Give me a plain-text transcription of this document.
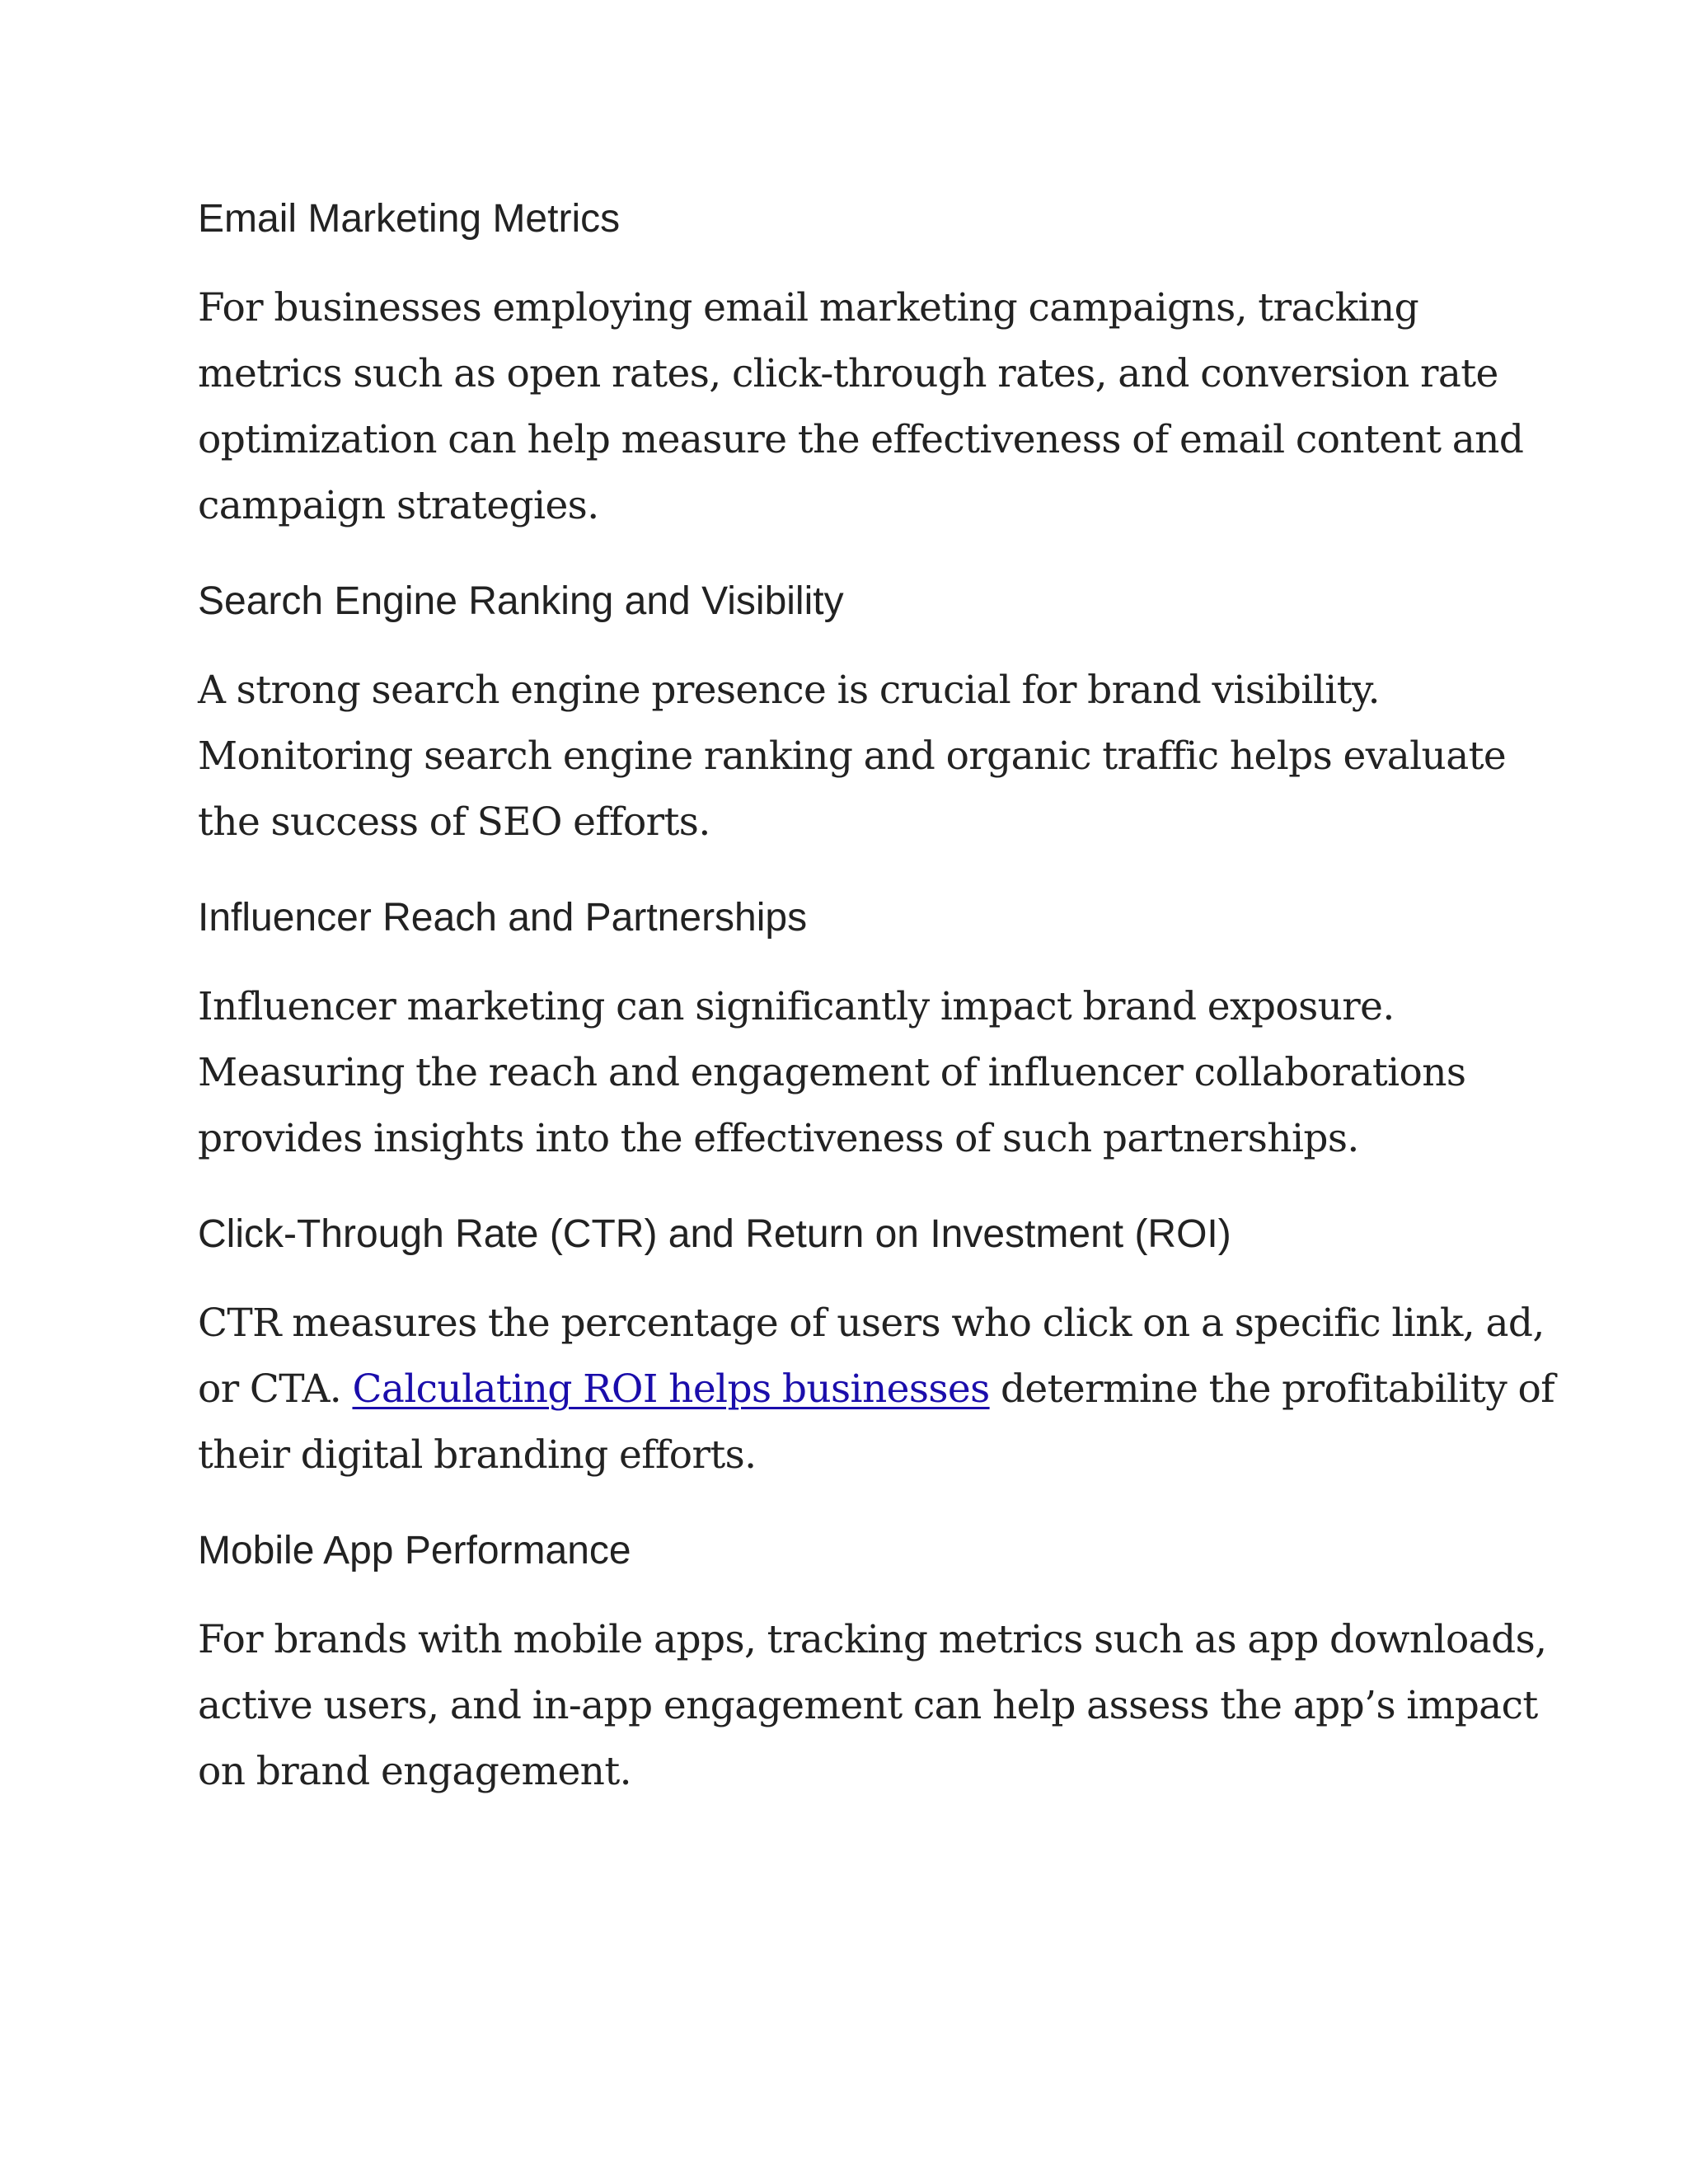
Email Marketing Metrics

For businesses employing email marketing campaigns, tracking
metrics such as open rates, click-through rates, and conversion rate
optimization can help measure the effectiveness of email content and
campaign strategies.

Search Engine Ranking and Visibility

A strong search engine presence is crucial for brand visibility.
Monitoring search engine ranking and organic traffic helps evaluate
the success of SEO efforts.

Influencer Reach and Partnerships

Influencer marketing can significantly impact brand exposure.
Measuring the reach and engagement of influencer collaborations
provides insights into the effectiveness of such partnerships.

Click-Through Rate (CTR) and Return on Investment (ROI)

CTR measures the percentage of users who click on a specific link, ad,
or CTA. Calculating ROI helps businesses determine the profitability of
their digital branding efforts.

Mobile App Performance

For brands with mobile apps, tracking metrics such as app downloads,
active users, and in-app engagement can help assess the app’s impact
on brand engagement.
